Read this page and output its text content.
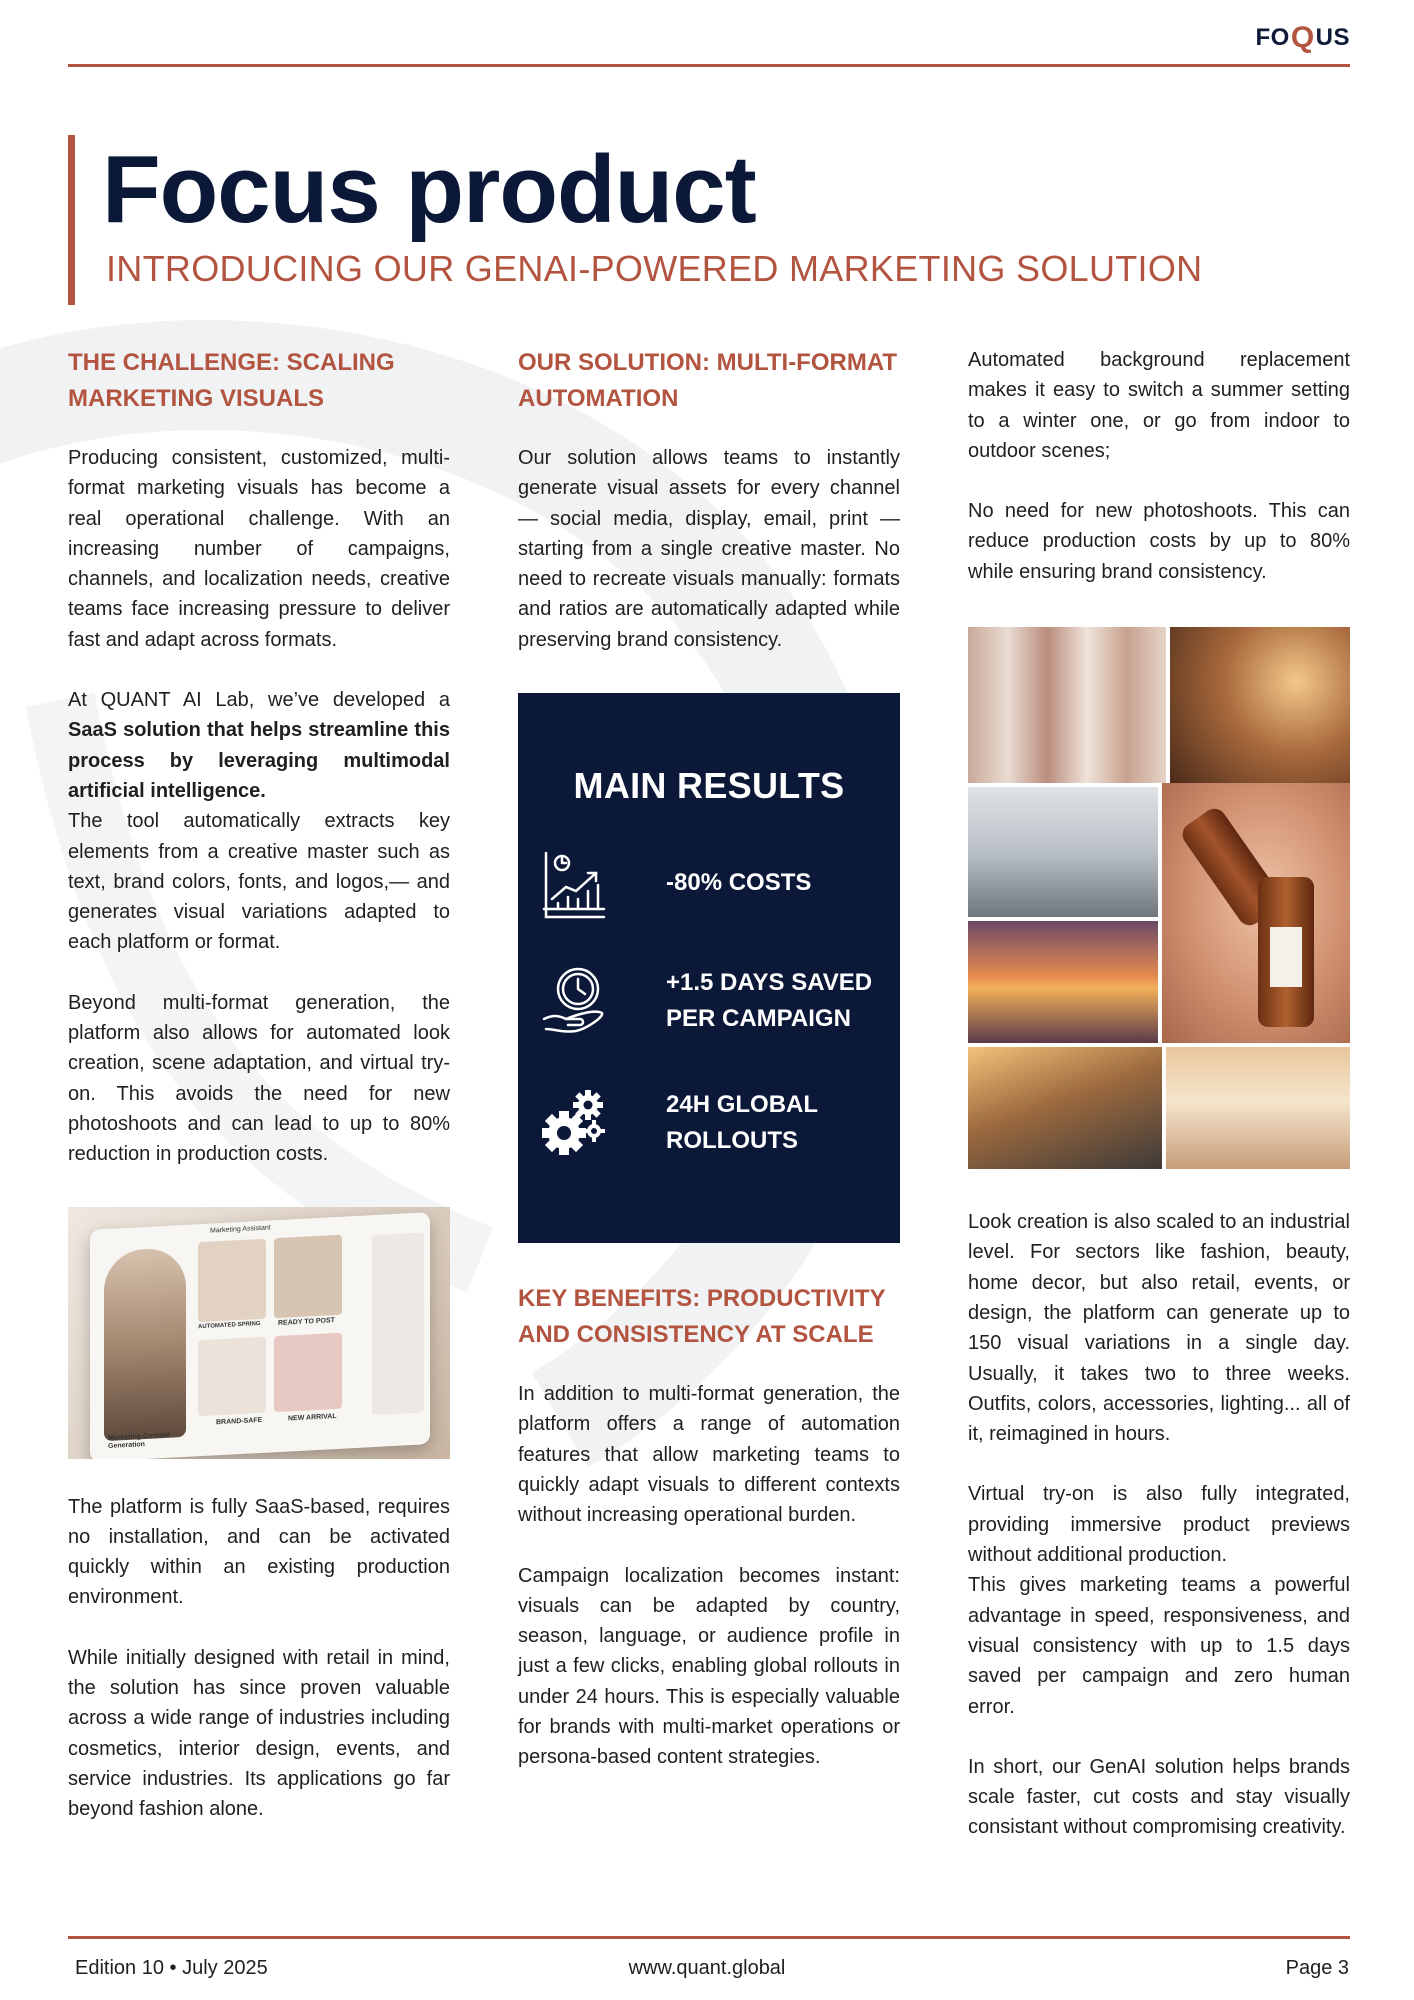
FO Q US
Focus product
INTRODUCING OUR GENAI-POWERED MARKETING SOLUTION
THE CHALLENGE: SCALING MARKETING VISUALS

Producing consistent, customized, multi-format marketing visuals has become a real operational challenge. With an increasing number of campaigns, channels, and localization needs, creative teams face increasing pressure to deliver fast and adapt across formats.

At QUANT AI Lab, we’ve developed a SaaS solution that helps streamline this process by leveraging multimodal artificial intelligence.

The tool automatically extracts key elements from a creative master such as text, brand colors, fonts, and logos,— and generates visual variations adapted to each platform or format.

Beyond multi-format generation, the platform also allows for automated look creation, scene adaptation, and virtual try-on. This avoids the need for new photoshoots and can lead to up to 80% reduction in production costs.

Marketing Assistant
AUTOMATED SPRING	READY TO POST
BRAND-SAFE	NEW ARRIVAL
Marketing Content Generation

The platform is fully SaaS-based, requires no installation, and can be activated quickly within an existing production environment.

While initially designed with retail in mind, the solution has since proven valuable across a wide range of industries including cosmetics, interior design, events, and service industries. Its applications go far beyond fashion alone.

OUR SOLUTION: MULTI-FORMAT AUTOMATION

Our solution allows teams to instantly generate visual assets for every channel — social media, display, email, print — starting from a single creative master. No need to recreate visuals manually: formats and ratios are automatically adapted while preserving brand consistency.

MAIN RESULTS
-80% COSTS
+1.5 DAYS SAVED PER CAMPAIGN
24H GLOBAL ROLLOUTS
KEY BENEFITS: PRODUCTIVITY AND CONSISTENCY AT SCALE

In addition to multi-format generation, the platform offers a range of automation features that allow marketing teams to quickly adapt visuals to different contexts without increasing operational burden.

Campaign localization becomes instant: visuals can be adapted by country, season, language, or audience profile in just a few clicks, enabling global rollouts in under 24 hours. This is especially valuable for brands with multi-market operations or persona-based content strategies.

Automated background replacement makes it easy to switch a summer setting to a winter one, or go from indoor to outdoor scenes;

No need for new photoshoots. This can reduce production costs by up to 80% while ensuring brand consistency.

Look creation is also scaled to an industrial level. For sectors like fashion, beauty, home decor, but also retail, events, or design, the platform can generate up to 150 visual variations in a single day. Usually, it takes two to three weeks. Outfits, colors, accessories, lighting... all of it, reimagined in hours.

Virtual try-on is also fully integrated, providing immersive product previews without additional production.

This gives marketing teams a powerful advantage in speed, responsiveness, and visual consistency with up to 1.5 days saved per campaign and zero human error.

In short, our GenAI solution helps brands scale faster, cut costs and stay visually consistant without compromising creativity.

Edition 10 • July 2025	www.quant.global	Page 3
